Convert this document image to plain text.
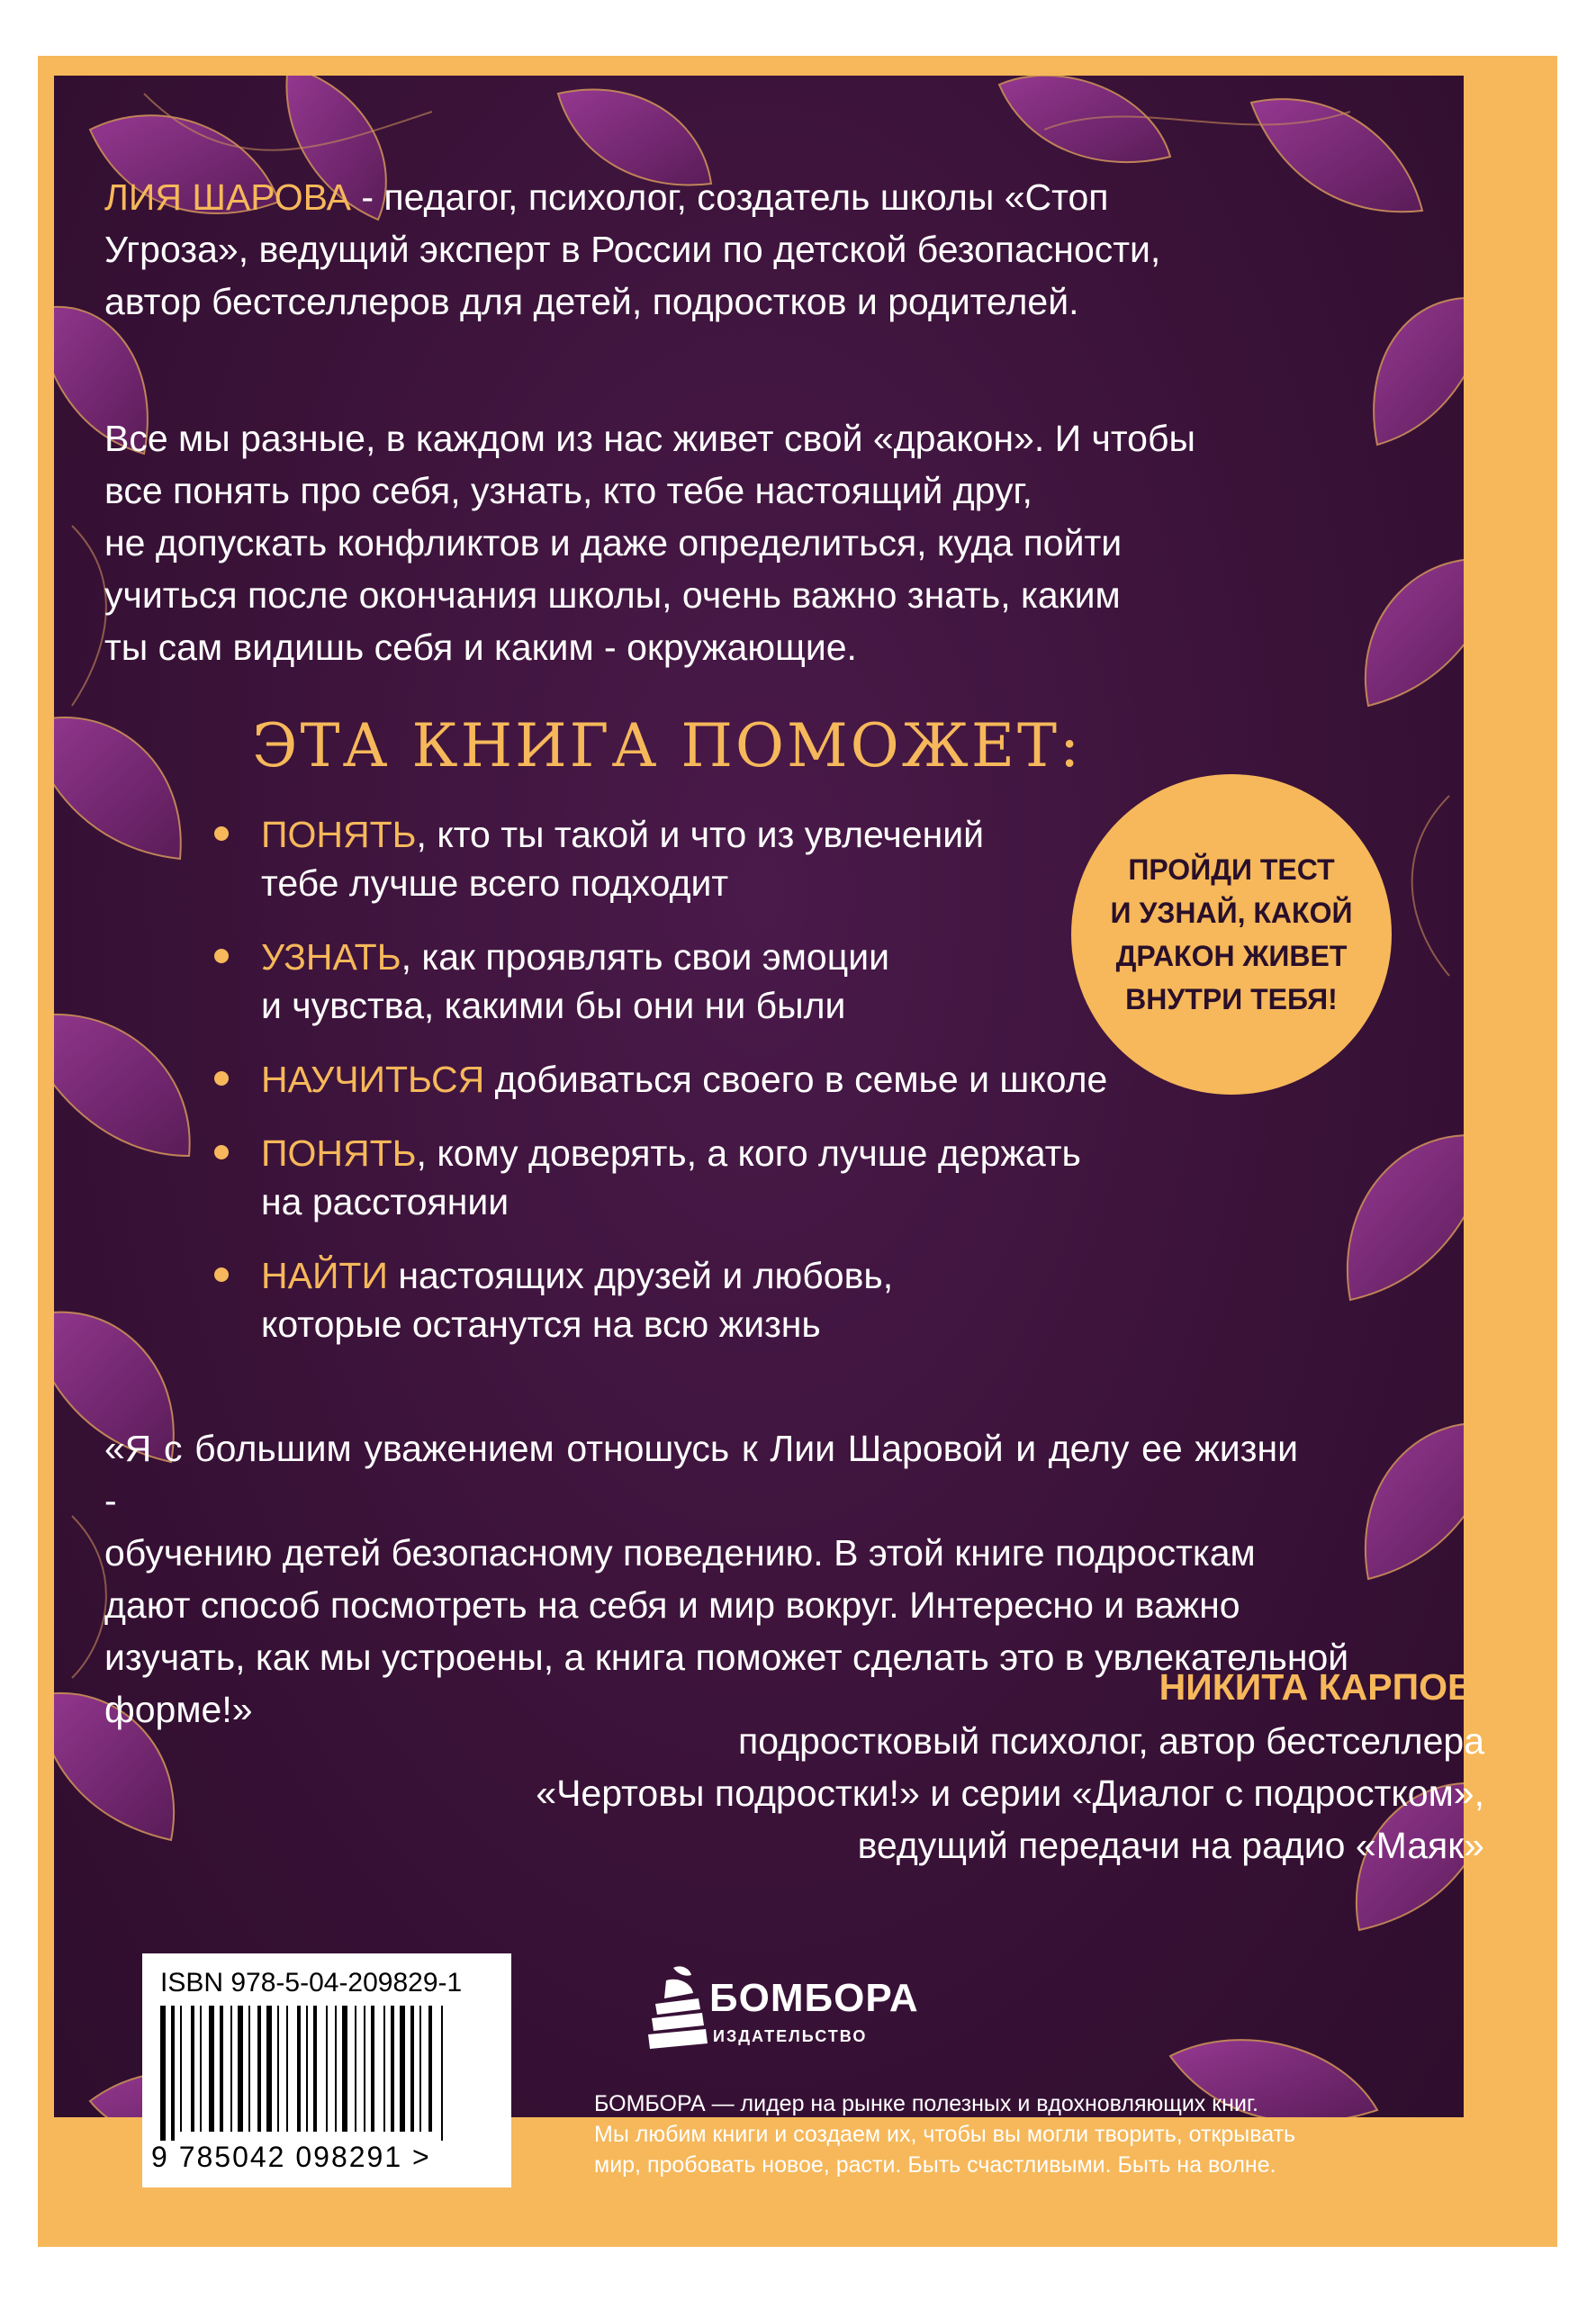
ЛИЯ ШАРОВА - педагог, психолог, создатель школы «Стоп

Угроза», ведущий эксперт в России по детской безопасности,

автор бестселлеров для детей, подростков и родителей.

Все мы разные, в каждом из нас живет свой «дракон». И чтобы
все понять про себя, узнать, кто тебе настоящий друг,
не допускать конфликтов и даже определиться, куда пойти
учиться после окончания школы, очень важно знать, каким
ты сам видишь себя и каким - окружающие.
ЭТА КНИГА ПОМОЖЕТ:
ПОНЯТЬ, кто ты такой и что из увлечений
тебе лучше всего подходит
УЗНАТЬ, как проявлять свои эмоции
и чувства, какими бы они ни были
НАУЧИТЬСЯ добиваться своего в семье и школе
ПОНЯТЬ, кому доверять, а кого лучше держать
на расстоянии
НАЙТИ настоящих друзей и любовь,
которые останутся на всю жизнь
ПРОЙДИ ТЕСТ
И УЗНАЙ, КАКОЙ
ДРАКОН ЖИВЕТ
ВНУТРИ ТЕБЯ!
«Я с большим уважением отношусь к Лии Шаровой и делу ее жизни -
обучению детей безопасному поведению. В этой книге подросткам
дают способ посмотреть на себя и мир вокруг. Интересно и важно
изучать, как мы устроены, а книга поможет сделать это в увлекательной
форме!»
НИКИТА КАРПОВ,
подростковый психолог, автор бестселлера
«Чертовы подростки!» и серии «Диалог с подростком»,
ведущий передачи на радио «Маяк»
ISBN 978-5-04-209829-1
9 785042 098291 >
БОМБОРА
ИЗДАТЕЛЬСТВО
БОМБОРА — лидер на рынке полезных и вдохновляющих книг.
Мы любим книги и создаем их, чтобы вы могли творить, открывать
мир, пробовать новое, расти. Быть счастливыми. Быть на волне.
